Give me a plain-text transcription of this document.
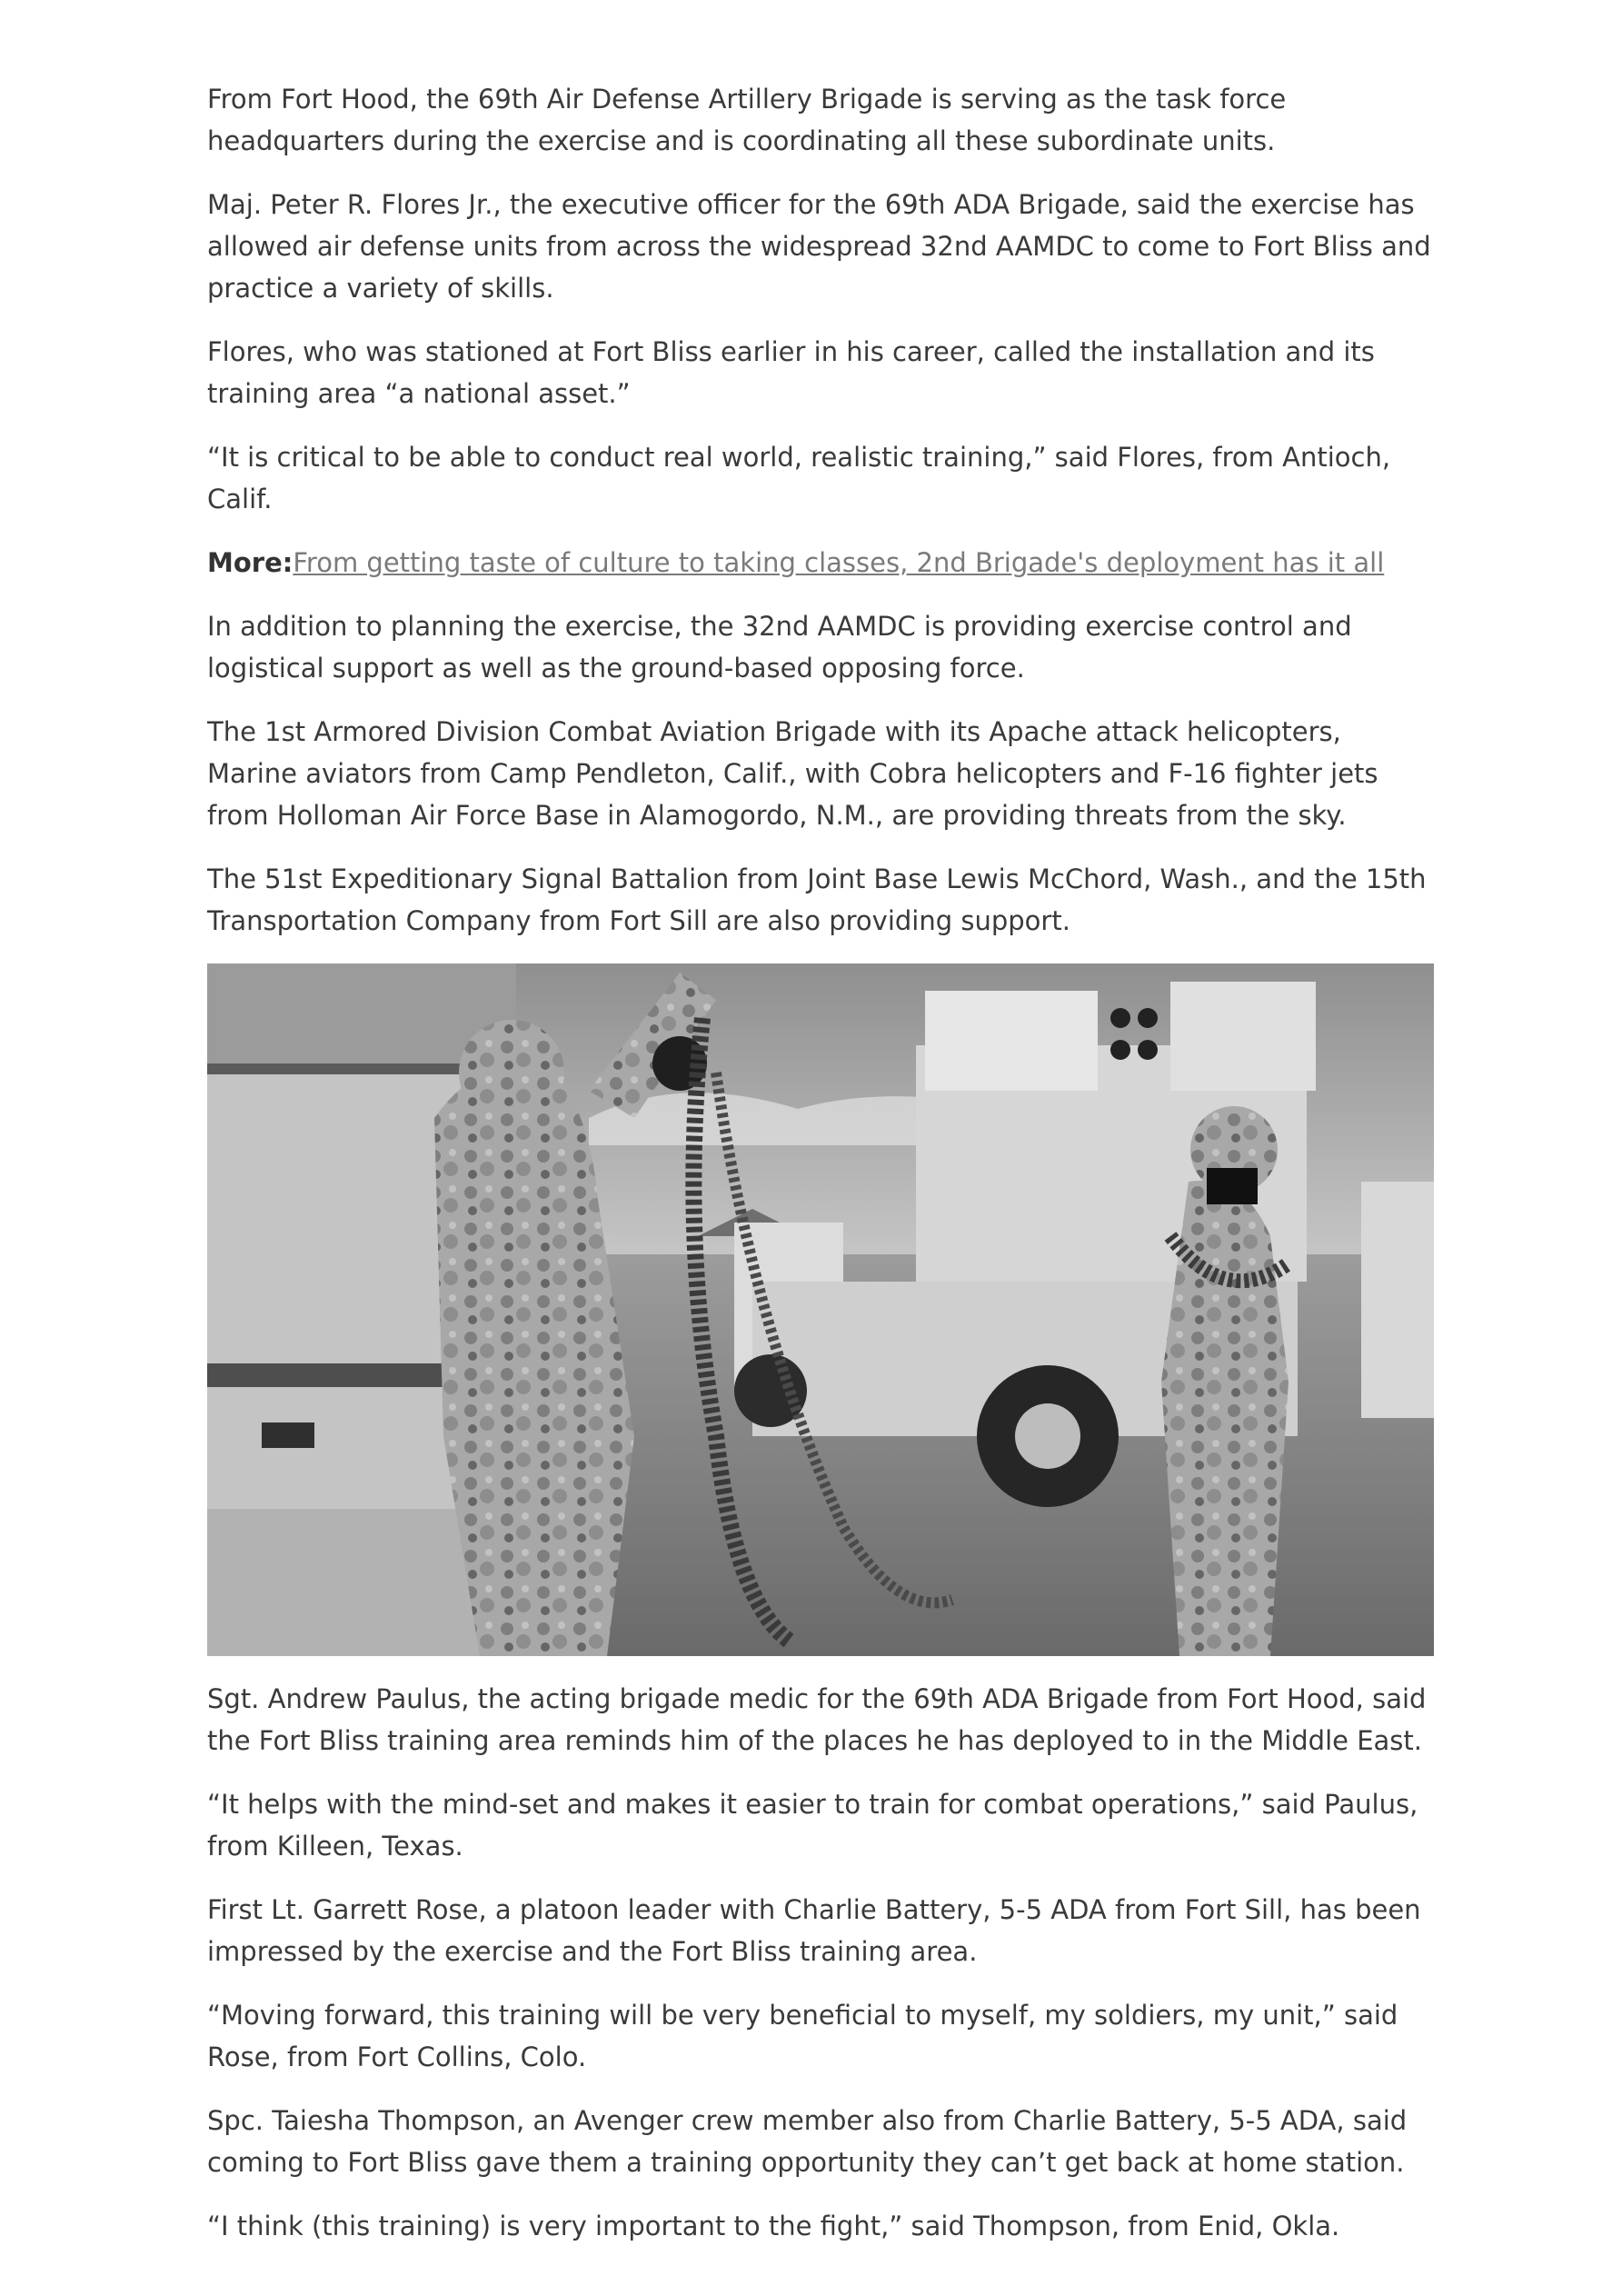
From Fort Hood, the 69th Air Defense Artillery Brigade is serving as the task force headquarters during the exercise and is coordinating all these subordinate units.

Maj. Peter R. Flores Jr., the executive officer for the 69th ADA Brigade, said the exercise has allowed air defense units from across the widespread 32nd AAMDC to come to Fort Bliss and practice a variety of skills.

Flores, who was stationed at Fort Bliss earlier in his career, called the installation and its training area “a national asset.”

“It is critical to be able to conduct real world, realistic training,” said Flores, from Antioch, Calif.

More:From getting taste of culture to taking classes, 2nd Brigade's deployment has it all

In addition to planning the exercise, the 32nd AAMDC is providing exercise control and logistical support as well as the ground-based opposing force.

The 1st Armored Division Combat Aviation Brigade with its Apache attack helicopters, Marine aviators from Camp Pendleton, Calif., with Cobra helicopters and F-16 fighter jets from Holloman Air Force Base in Alamogordo, N.M., are providing threats from the sky.

The 51st Expeditionary Signal Battalion from Joint Base Lewis McChord, Wash., and the 15th Transportation Company from Fort Sill are also providing support.

Sgt. Andrew Paulus, the acting brigade medic for the 69th ADA Brigade from Fort Hood, said the Fort Bliss training area reminds him of the places he has deployed to in the Middle East.

“It helps with the mind-set and makes it easier to train for combat operations,” said Paulus, from Killeen, Texas.

First Lt. Garrett Rose, a platoon leader with Charlie Battery, 5-5 ADA from Fort Sill, has been impressed by the exercise and the Fort Bliss training area.

“Moving forward, this training will be very beneficial to myself, my soldiers, my unit,” said Rose, from Fort Collins, Colo.

Spc. Taiesha Thompson, an Avenger crew member also from Charlie Battery, 5-5 ADA, said coming to Fort Bliss gave them a training opportunity they can’t get back at home station.

“I think (this training) is very important to the fight,” said Thompson, from Enid, Okla.
